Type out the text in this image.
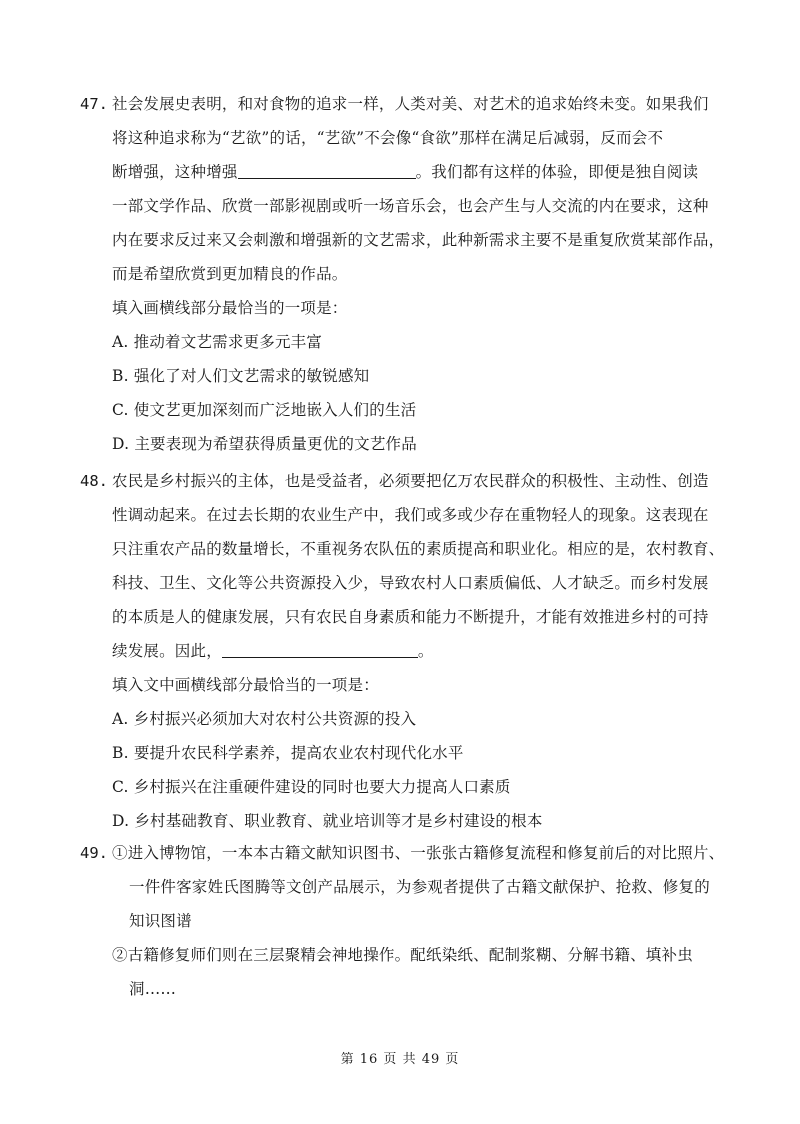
47. 社会发展史表明，和对食物的追求一样，人类对美、对艺术的追求始终未变。如果我们
将这种追求称为“艺欲”的话，“艺欲”不会像“食欲”那样在满足后减弱，反而会不
断增强，这种增强	。我们都有这样的体验，即便是独自阅读
一部文学作品、欣赏一部影视剧或听一场音乐会，也会产生与人交流的内在要求，这种
内在要求反过来又会刺激和增强新的文艺需求，此种新需求主要不是重复欣赏某部作品，
而是希望欣赏到更加精良的作品。
填入画横线部分最恰当的一项是：
A. 推动着文艺需求更多元丰富
B. 强化了对人们文艺需求的敏锐感知
C. 使文艺更加深刻而广泛地嵌入人们的生活
D. 主要表现为希望获得质量更优的文艺作品
48. 农民是乡村振兴的主体，也是受益者，必须要把亿万农民群众的积极性、主动性、创造
性调动起来。在过去长期的农业生产中，我们或多或少存在重物轻人的现象。这表现在
只注重农产品的数量增长，不重视务农队伍的素质提高和职业化。相应的是，农村教育、
科技、卫生、文化等公共资源投入少，导致农村人口素质偏低、人才缺乏。而乡村发展
的本质是人的健康发展，只有农民自身素质和能力不断提升，才能有效推进乡村的可持
续发展。因此，	。
填入文中画横线部分最恰当的一项是：
A. 乡村振兴必须加大对农村公共资源的投入
B. 要提升农民科学素养，提高农业农村现代化水平
C. 乡村振兴在注重硬件建设的同时也要大力提高人口素质
D. 乡村基础教育、职业教育、就业培训等才是乡村建设的根本
49. ①进入博物馆，一本本古籍文献知识图书、一张张古籍修复流程和修复前后的对比照片、
一件件客家姓氏图腾等文创产品展示，为参观者提供了古籍文献保护、抢救、修复的
知识图谱
②古籍修复师们则在三层聚精会神地操作。配纸染纸、配制浆糊、分解书籍、填补虫
洞……
第 16 页 共 49 页
